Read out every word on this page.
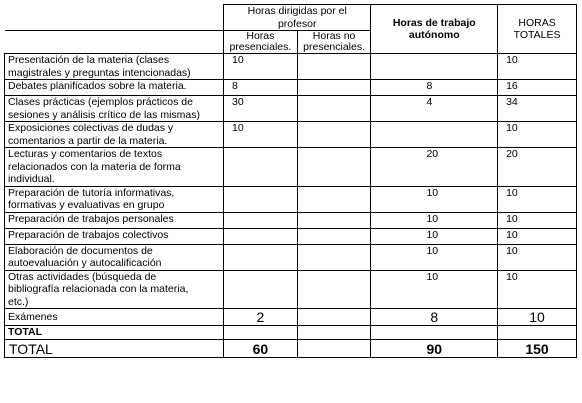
	Horas dirigidas por el profesor		Horas de trabajo
autónomo	HORAS
TOTALES
	Horas
presenciales.	Horas no
presenciales.		
Presentación de la materia (clases
magistrales y preguntas intencionadas)	10			10
Debates planificados sobre la materia.	8		8	16
Clases prácticas (ejemplos prácticos de
sesiones y análisis crítico de las mismas)	30		4	34
Exposiciones colectivas de dudas y
comentarios a partir de la materia.	10			10
Lecturas y comentarios de textos
relacionados con la materia de forma
individual.			20	20
Preparación de tutoría informativas,
formativas y evaluativas en grupo			10	10
Preparación de trabajos personales			10	10
Preparación de trabajos colectivos			10	10
Elaboración de documentos de
autoevaluación y autocalificación			10	10
Otras actividades (búsqueda de
bibliografía relacionada con la materia,
etc.)			10	10
Exámenes	2		8	10
TOTAL				
TOTAL	60		90	150
